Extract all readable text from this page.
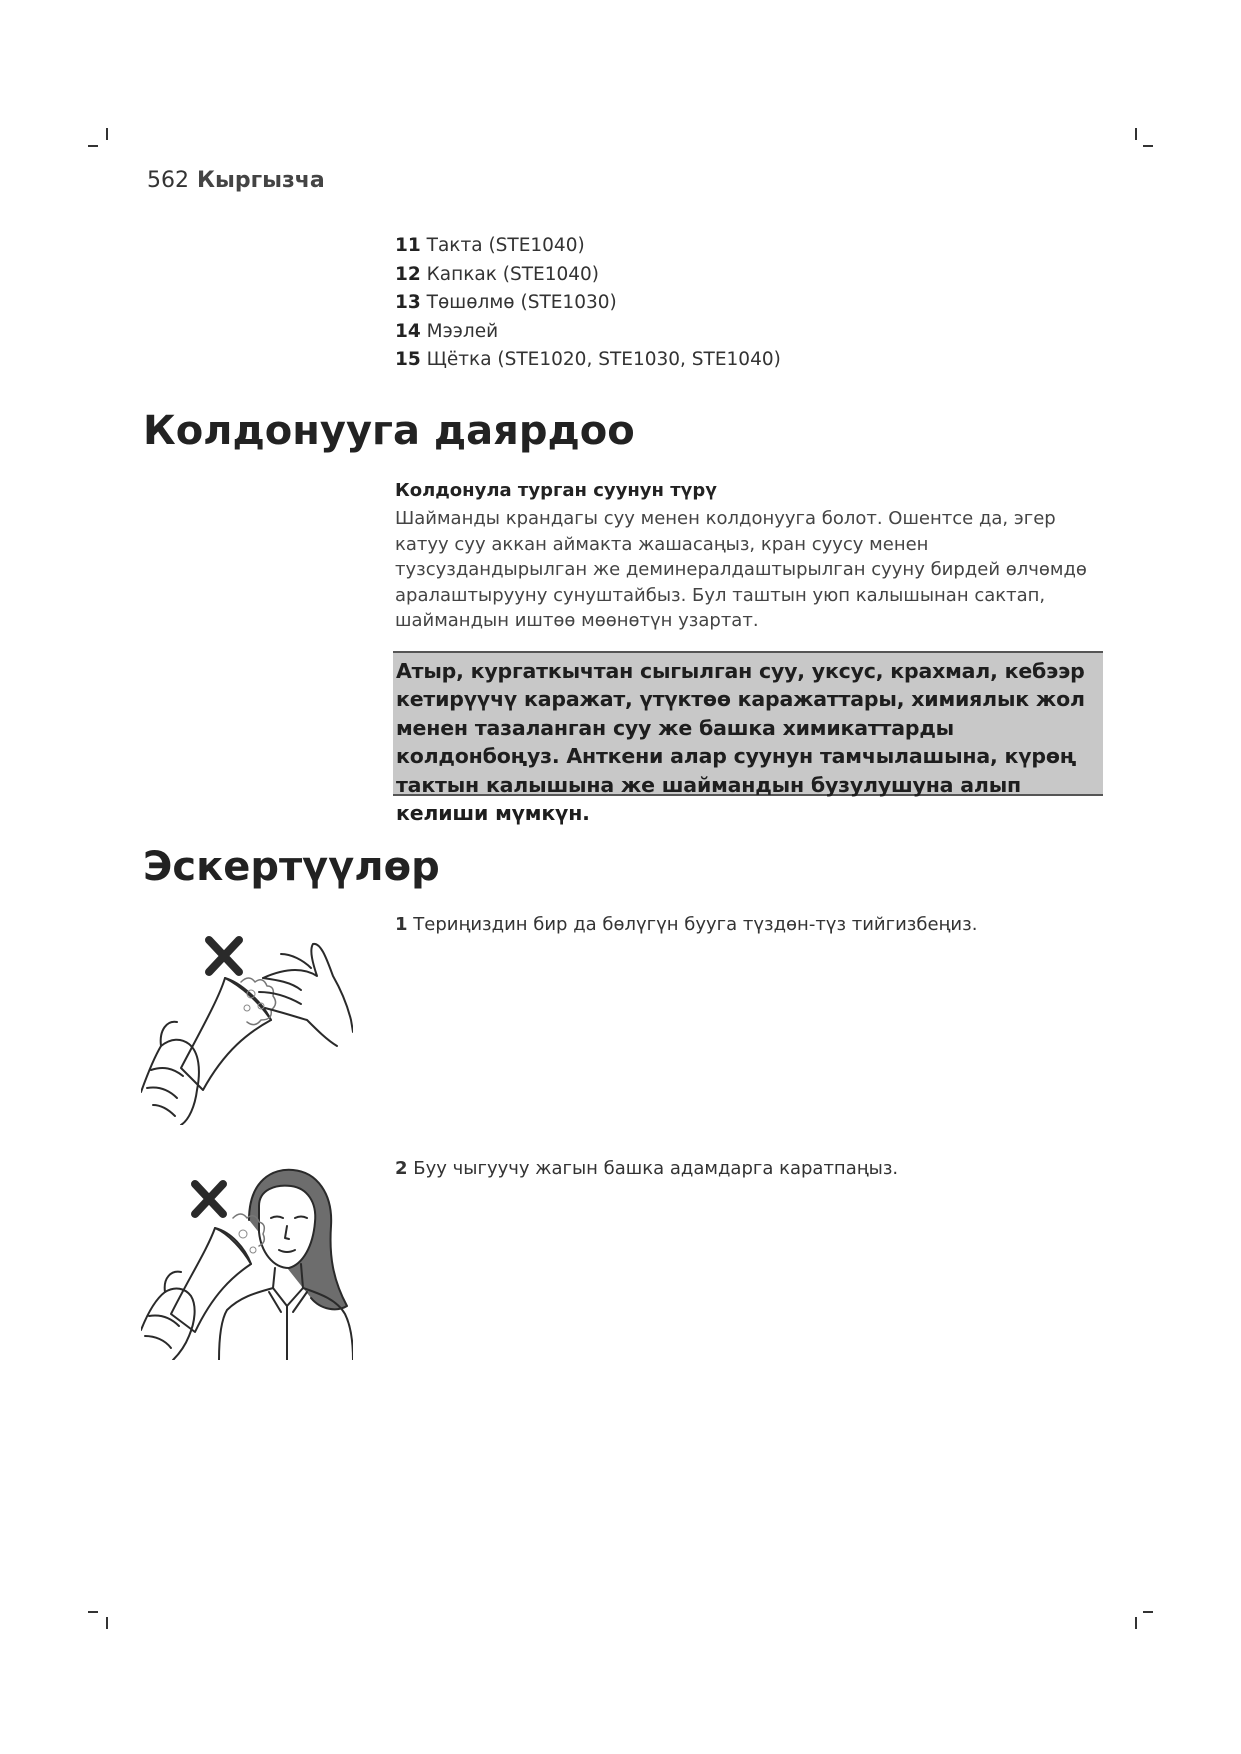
562 Кыргызча
11 Такта (STE1040)
12 Капкак (STE1040)
13 Төшөлмө (STE1030)
14 Мээлей
15 Щётка (STE1020, STE1030, STE1040)
Колдонууга даярдоо

Колдонула турган суунун түрү

Шайманды крандагы суу менен колдонууга болот. Ошентсе да, эгер катуу суу аккан аймакта жашасаңыз, кран суусу менен тузсуздандырылган же деминералдаштырылган сууну бирдей өлчөмдө аралаштырууну сунуштайбыз. Бул таштын уюп калышынан сактап, шаймандын иштөө мөөнөтүн узартат.

Атыр, кургаткычтан сыгылган суу, уксус, крахмал, кебээр кетирүүчү каражат, үтүктөө каражаттары, химиялык жол менен тазаланган суу же башка химикаттарды колдонбоңуз. Анткени алар суунун тамчылашына, күрөң тактын калышына же шаймандын бузулушуна алып келиши мүмкүн.

Эскертүүлөр

1 Териңиздин бир да бөлүгүн бууга түздөн-түз тийгизбеңиз.

2 Буу чыгуучу жагын башка адамдарга каратпаңыз.
